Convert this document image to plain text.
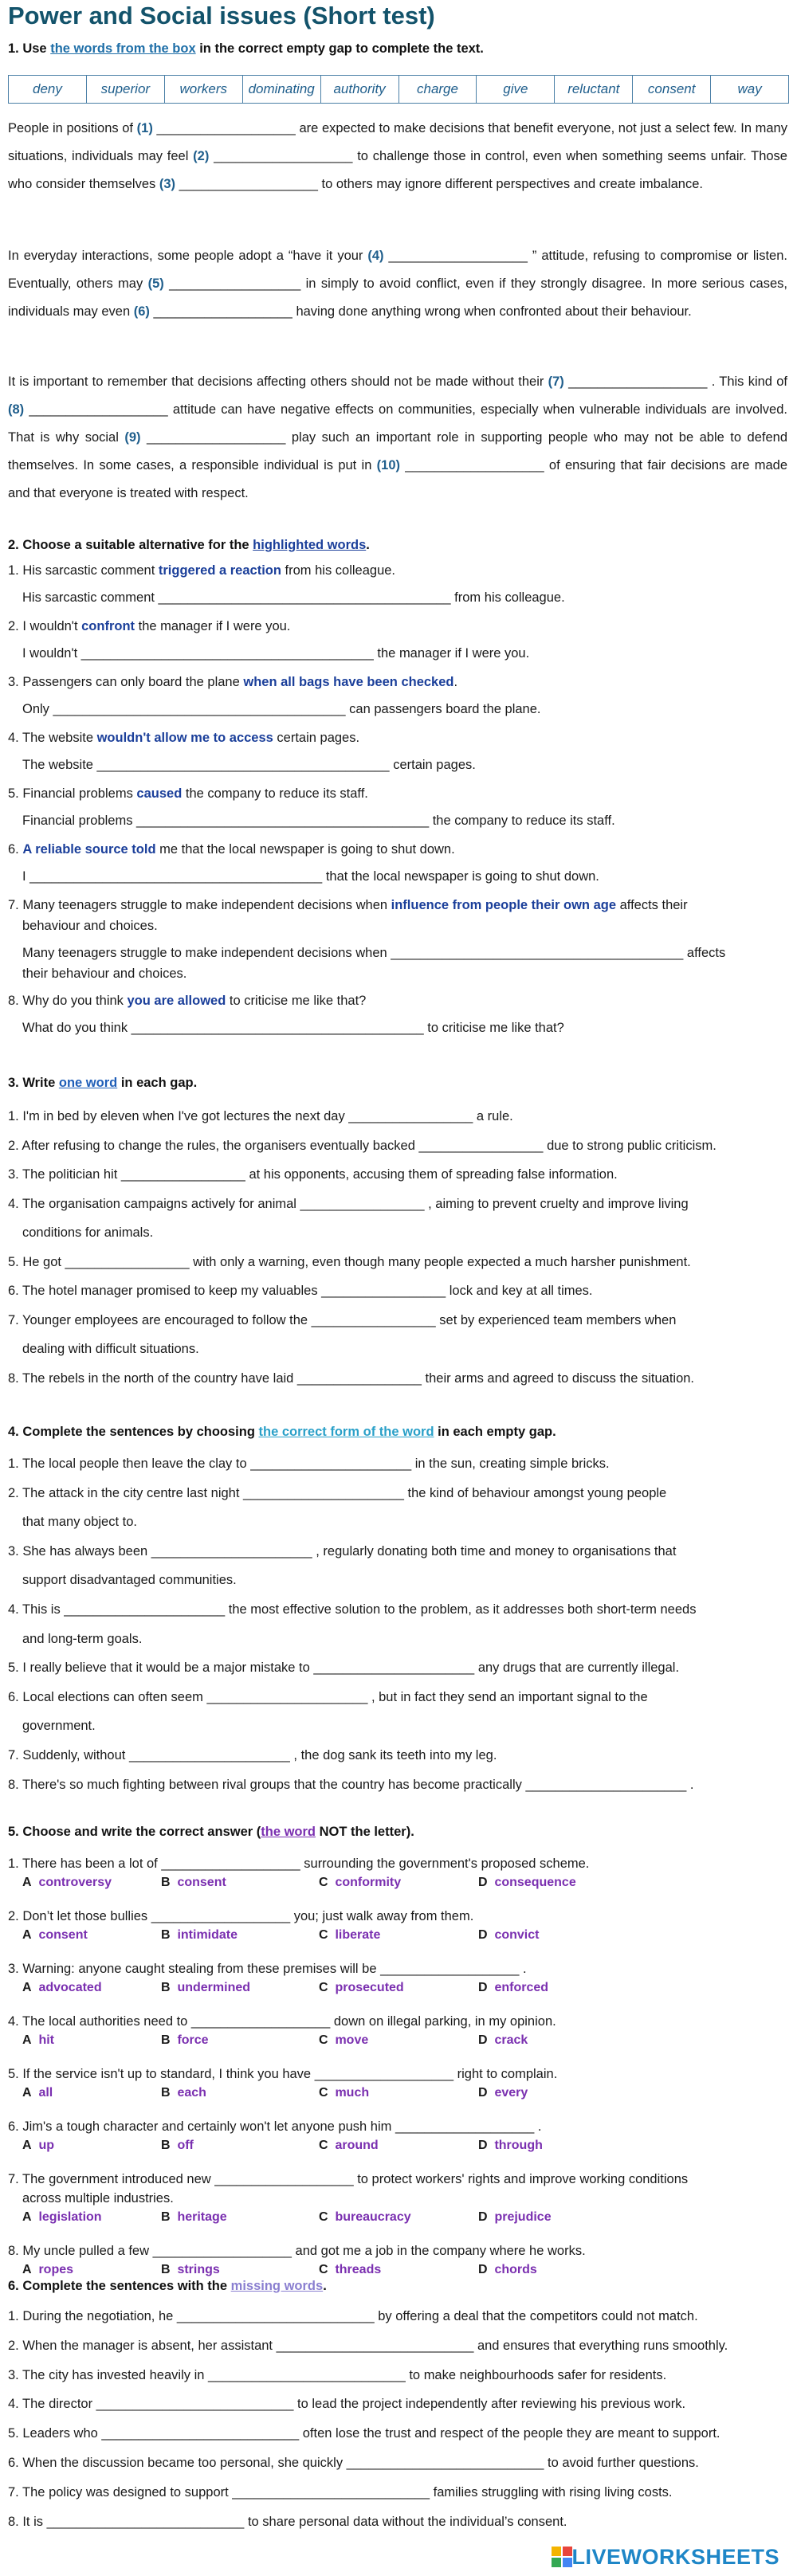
Power and Social issues (Short test)
1. Use the words from the box in the correct empty gap to complete the text.
deny	superior	workers	dominating	authority	charge	give	reluctant	consent	way
People in positions of (1) ___________________ are expected to make decisions that benefit everyone, not just a select few. In many situations, individuals may feel (2) ___________________ to challenge those in control, even when something seems unfair. Those who consider themselves (3) ___________________ to others may ignore different perspectives and create imbalance.
In everyday interactions, some people adopt a “have it your (4) ___________________ ” attitude, refusing to compromise or listen. Eventually, others may (5) __________________ in simply to avoid conflict, even if they strongly disagree. In more serious cases, individuals may even (6) ___________________ having done anything wrong when confronted about their behaviour.
It is important to remember that decisions affecting others should not be made without their (7) ___________________ . This kind of (8) ___________________ attitude can have negative effects on communities, especially when vulnerable individuals are involved. That is why social (9) ___________________ play such an important role in supporting people who may not be able to defend themselves. In some cases, a responsible individual is put in (10) ___________________ of ensuring that fair decisions are made and that everyone is treated with respect.
2. Choose a suitable alternative for the highlighted words.
1. His sarcastic comment triggered a reaction from his colleague.
His sarcastic comment ________________________________________ from his colleague.
2. I wouldn't confront the manager if I were you.
I wouldn't ________________________________________ the manager if I were you.
3. Passengers can only board the plane when all bags have been checked.
Only ________________________________________ can passengers board the plane.
4. The website wouldn't allow me to access certain pages.
The website ________________________________________ certain pages.
5. Financial problems caused the company to reduce its staff.
Financial problems ________________________________________ the company to reduce its staff.
6. A reliable source told me that the local newspaper is going to shut down.
I ________________________________________ that the local newspaper is going to shut down.
7. Many teenagers struggle to make independent decisions when influence from people their own age affects their
behaviour and choices.
Many teenagers struggle to make independent decisions when ________________________________________ affects
their behaviour and choices.
8. Why do you think you are allowed to criticise me like that?
What do you think ________________________________________ to criticise me like that?
3. Write one word in each gap.
1. I'm in bed by eleven when I've got lectures the next day _________________ a rule.
2. After refusing to change the rules, the organisers eventually backed _________________ due to strong public criticism.
3. The politician hit _________________ at his opponents, accusing them of spreading false information.
4. The organisation campaigns actively for animal _________________ , aiming to prevent cruelty and improve living
conditions for animals.
5. He got _________________ with only a warning, even though many people expected a much harsher punishment.
6. The hotel manager promised to keep my valuables _________________ lock and key at all times.
7. Younger employees are encouraged to follow the _________________ set by experienced team members when
dealing with difficult situations.
8. The rebels in the north of the country have laid _________________ their arms and agreed to discuss the situation.
4. Complete the sentences by choosing the correct form of the word in each empty gap.
1. The local people then leave the clay to ______________________ in the sun, creating simple bricks.
2. The attack in the city centre last night ______________________ the kind of behaviour amongst young people
that many object to.
3. She has always been ______________________ , regularly donating both time and money to organisations that
support disadvantaged communities.
4. This is ______________________ the most effective solution to the problem, as it addresses both short-term needs
and long-term goals.
5. I really believe that it would be a major mistake to ______________________ any drugs that are currently illegal.
6. Local elections can often seem ______________________ , but in fact they send an important signal to the
government.
7. Suddenly, without ______________________ , the dog sank its teeth into my leg.
8. There's so much fighting between rival groups that the country has become practically ______________________ .
5. Choose and write the correct answer (the word NOT the letter).
1. There has been a lot of ___________________ surrounding the government's proposed scheme.
A controversy	B consent	C conformity	D consequence
2. Don’t let those bullies ___________________ you; just walk away from them.
A consent	B intimidate	C liberate	D convict
3. Warning: anyone caught stealing from these premises will be ___________________ .
A advocated	B undermined	C prosecuted	D enforced
4. The local authorities need to ___________________ down on illegal parking, in my opinion.
A hit	B force	C move	D crack
5. If the service isn't up to standard, I think you have ___________________ right to complain.
A all	B each	C much	D every
6. Jim's a tough character and certainly won't let anyone push him ___________________ .
A up	B off	C around	D through
7. The government introduced new ___________________ to protect workers' rights and improve working conditions
across multiple industries.
A legislation	B heritage	C bureaucracy	D prejudice
8. My uncle pulled a few ___________________ and got me a job in the company where he works.
A ropes	B strings	C threads	D chords
6. Complete the sentences with the missing words.
1. During the negotiation, he ___________________________ by offering a deal that the competitors could not match.
2. When the manager is absent, her assistant ___________________________ and ensures that everything runs smoothly.
3. The city has invested heavily in ___________________________ to make neighbourhoods safer for residents.
4. The director ___________________________ to lead the project independently after reviewing his previous work.
5. Leaders who ___________________________ often lose the trust and respect of the people they are meant to support.
6. When the discussion became too personal, she quickly ___________________________ to avoid further questions.
7. The policy was designed to support ___________________________ families struggling with rising living costs.
8. It is ___________________________ to share personal data without the individual’s consent.
LIVEWORKSHEETS
